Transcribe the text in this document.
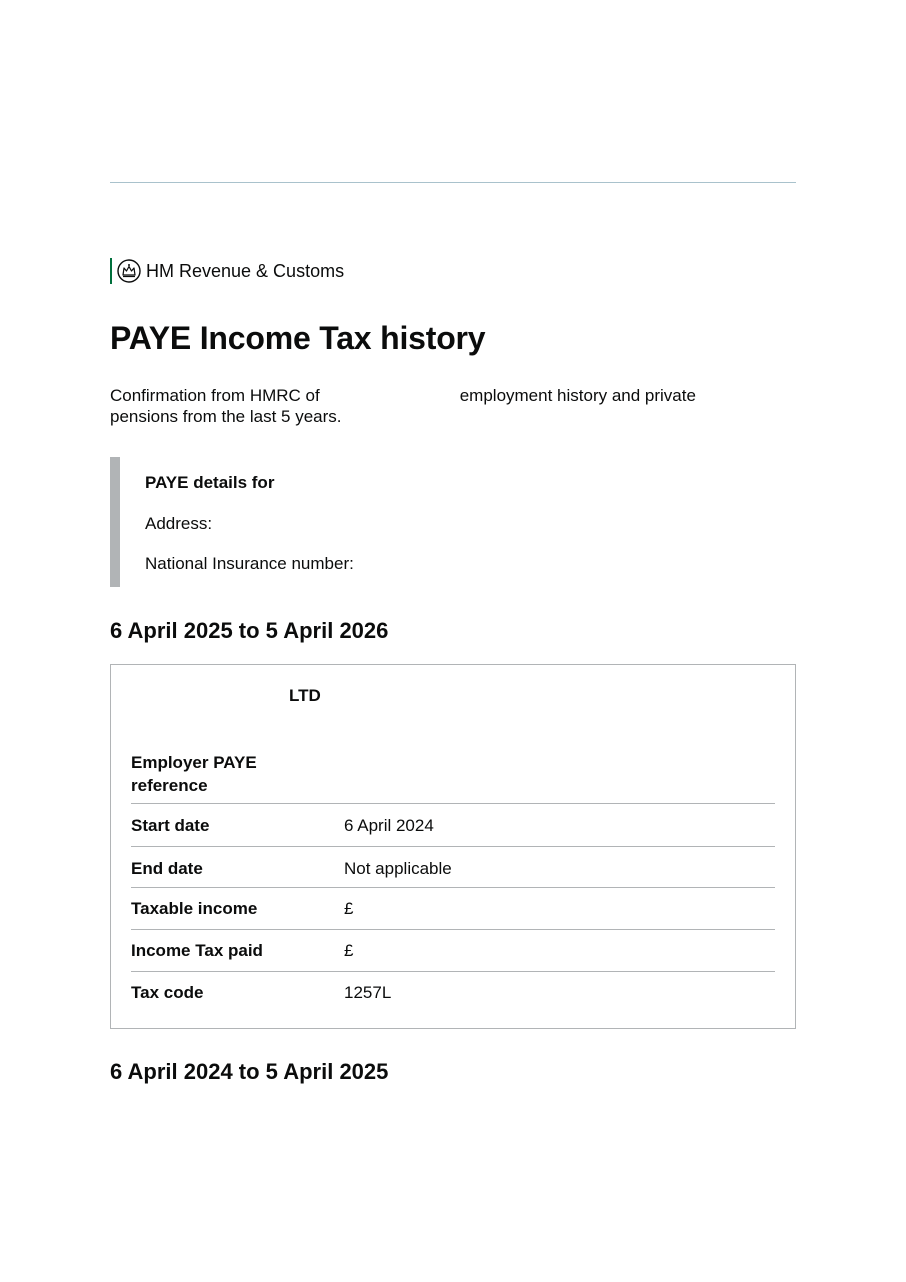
HM Revenue & Customs
PAYE Income Tax history

Confirmation from HMRC of	employment history and private pensions from the last 5 years.

PAYE details for
Address:
National Insurance number:
6 April 2025 to 5 April 2026
LTD
Employer PAYE reference
Start date	6 April 2024
End date	Not applicable
Taxable income	£
Income Tax paid	£
Tax code	1257L
6 April 2024 to 5 April 2025
